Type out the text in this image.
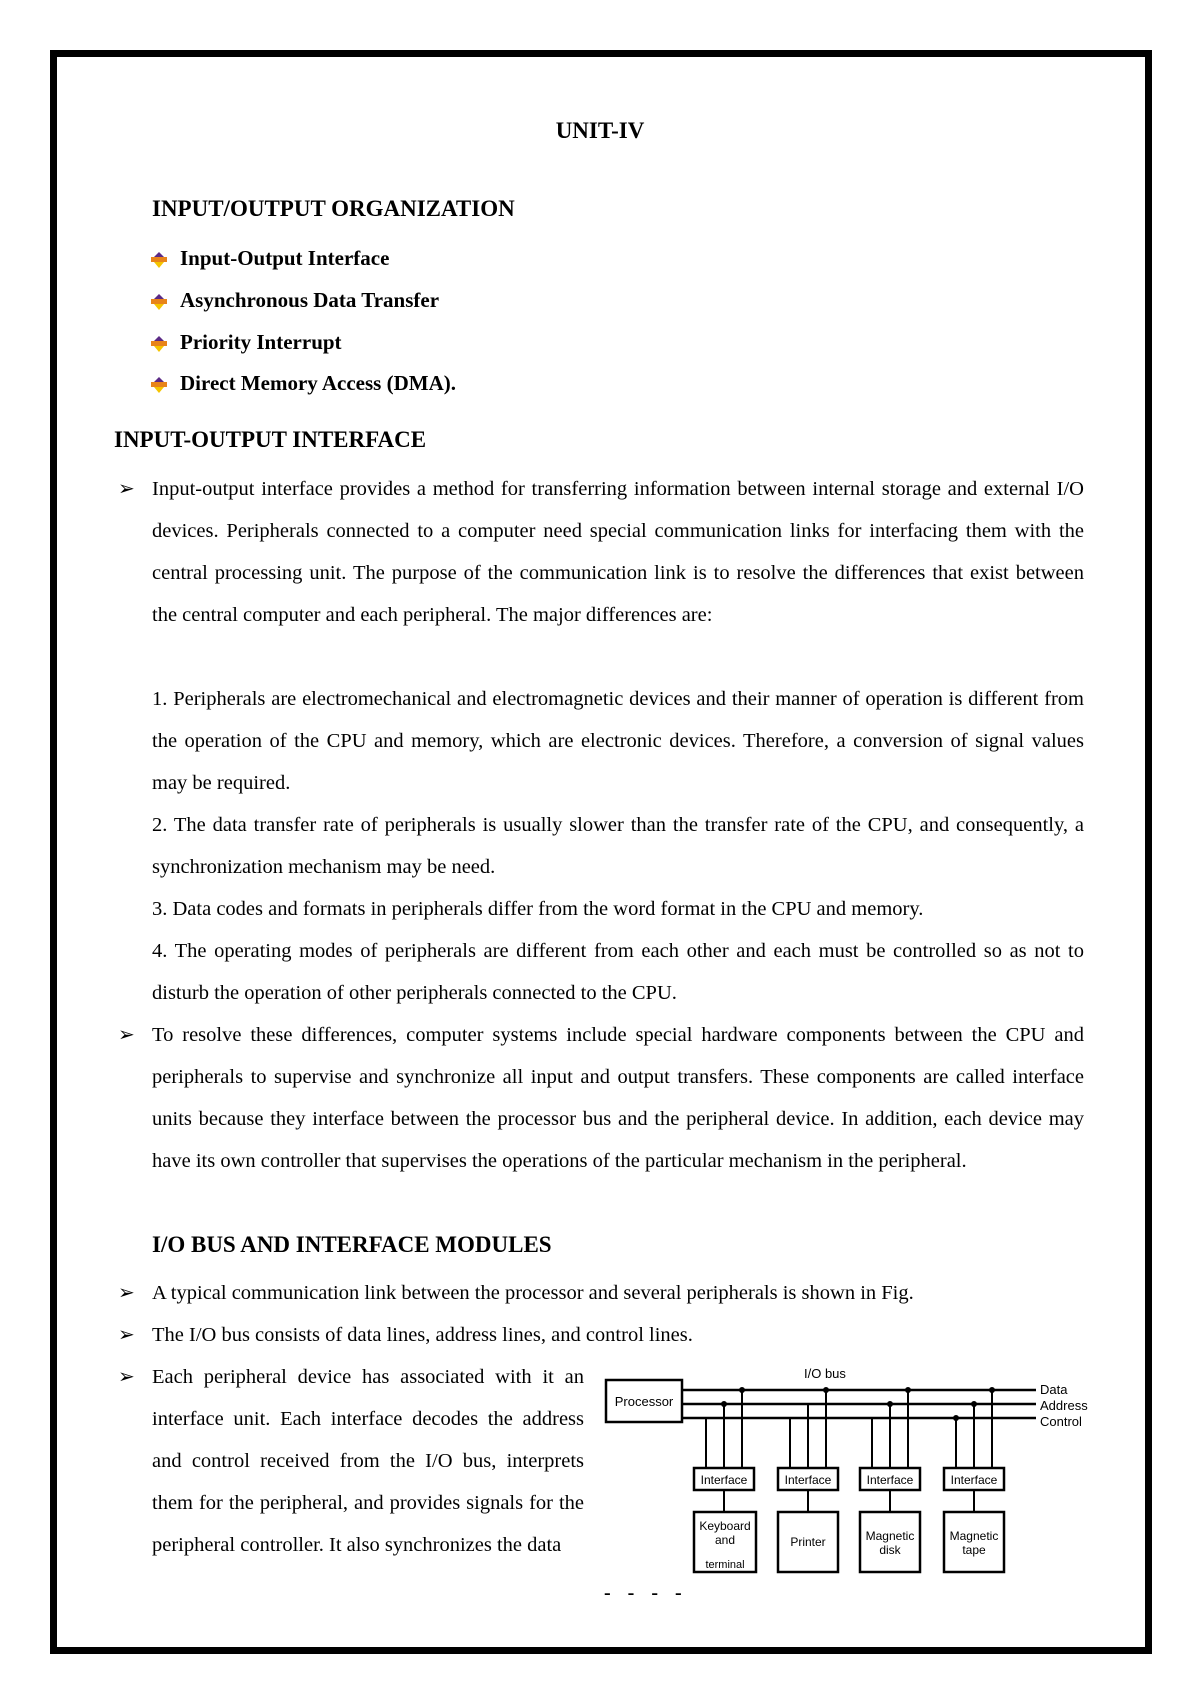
UNIT-IV
INPUT/OUTPUT ORGANIZATION
Input-Output Interface
Asynchronous Data Transfer
Priority Interrupt
Direct Memory Access (DMA).
INPUT-OUTPUT INTERFACE
➢ Input-output interface provides a method for transferring information between internal storage and external I/O devices. Peripherals connected to a computer need special communication links for interfacing them with the central processing unit. The purpose of the communication link is to resolve the differences that exist between the central computer and each peripheral. The major differences are:

1. Peripherals are electromechanical and electromagnetic devices and their manner of operation is different from the operation of the CPU and memory, which are electronic devices. Therefore, a conversion of signal values may be required.

2. The data transfer rate of peripherals is usually slower than the transfer rate of the CPU, and consequently, a synchronization mechanism may be need.

3. Data codes and formats in peripherals differ from the word format in the CPU and memory.

4. The operating modes of peripherals are different from each other and each must be controlled so as not to disturb the operation of other peripherals connected to the CPU.

➢ To resolve these differences, computer systems include special hardware components between the CPU and peripherals to supervise and synchronize all input and output transfers. These components are called interface units because they interface between the processor bus and the peripheral device. In addition, each device may have its own controller that supervises the operations of the particular mechanism in the peripheral.

I/O BUS AND INTERFACE MODULES
➢ A typical communication link between the processor and several peripherals is shown in Fig.

➢ The I/O bus consists of data lines, address lines, and control lines.

➢ Each peripheral device has associated with it an interface unit. Each interface decodes the address and control received from the I/O bus, interprets them for the peripheral, and provides signals for the peripheral controller. It also synchronizes the data

I/O bus
Processor
Data
Address
Control
Interface	Interface	Interface	Interface
Keyboard
and
terminal
Printer	Magnetic
disk
Magnetic
tape
- - - -
